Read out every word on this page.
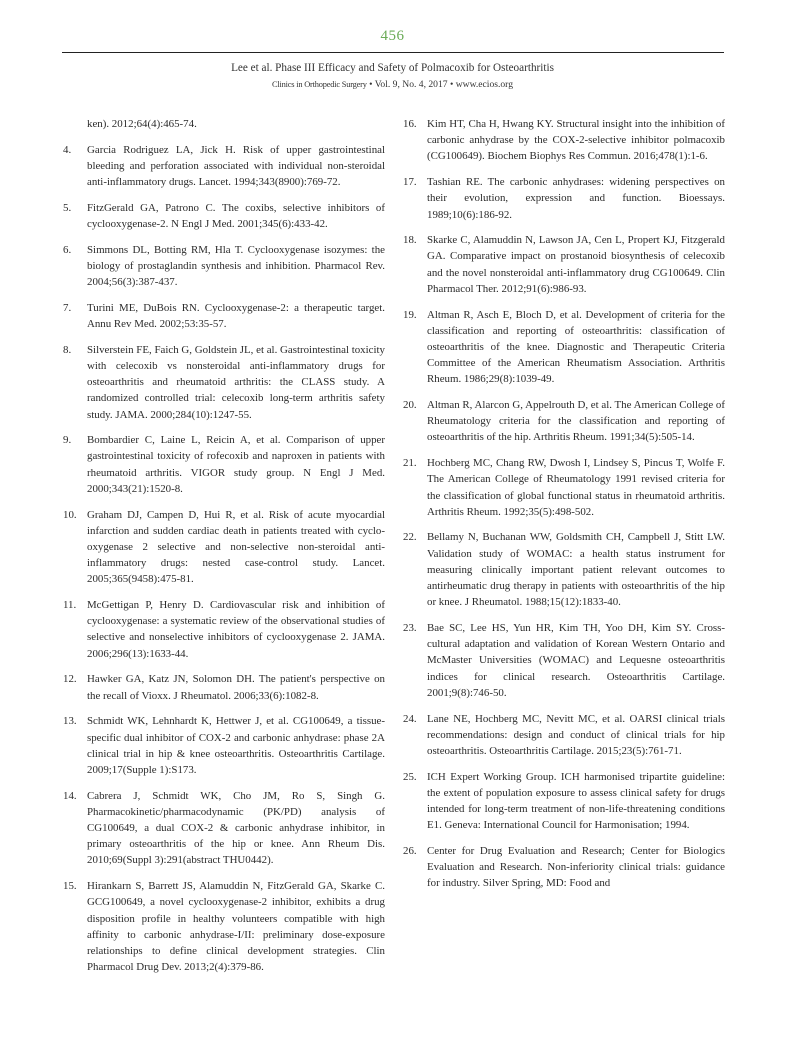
456
Lee et al. Phase III Efficacy and Safety of Polmacoxib for Osteoarthritis
Clinics in Orthopedic Surgery • Vol. 9, No. 4, 2017 • www.ecios.org
ken). 2012;64(4):465-74.
4. Garcia Rodriguez LA, Jick H. Risk of upper gastrointestinal bleeding and perforation associated with individual non-steroidal anti-inflammatory drugs. Lancet. 1994;343(8900):769-72.
5. FitzGerald GA, Patrono C. The coxibs, selective inhibitors of cyclooxygenase-2. N Engl J Med. 2001;345(6):433-42.
6. Simmons DL, Botting RM, Hla T. Cyclooxygenase isozymes: the biology of prostaglandin synthesis and inhibition. Pharmacol Rev. 2004;56(3):387-437.
7. Turini ME, DuBois RN. Cyclooxygenase-2: a therapeutic target. Annu Rev Med. 2002;53:35-57.
8. Silverstein FE, Faich G, Goldstein JL, et al. Gastrointestinal toxicity with celecoxib vs nonsteroidal anti-inflammatory drugs for osteoarthritis and rheumatoid arthritis: the CLASS study. A randomized controlled trial: celecoxib long-term arthritis safety study. JAMA. 2000;284(10):1247-55.
9. Bombardier C, Laine L, Reicin A, et al. Comparison of upper gastrointestinal toxicity of rofecoxib and naproxen in patients with rheumatoid arthritis. VIGOR study group. N Engl J Med. 2000;343(21):1520-8.
10. Graham DJ, Campen D, Hui R, et al. Risk of acute myocardial infarction and sudden cardiac death in patients treated with cyclo-oxygenase 2 selective and non-selective non-steroidal anti-inflammatory drugs: nested case-control study. Lancet. 2005;365(9458):475-81.
11. McGettigan P, Henry D. Cardiovascular risk and inhibition of cyclooxygenase: a systematic review of the observational studies of selective and nonselective inhibitors of cyclooxygenase 2. JAMA. 2006;296(13):1633-44.
12. Hawker GA, Katz JN, Solomon DH. The patient's perspective on the recall of Vioxx. J Rheumatol. 2006;33(6):1082-8.
13. Schmidt WK, Lehnhardt K, Hettwer J, et al. CG100649, a tissue-specific dual inhibitor of COX-2 and carbonic anhydrase: phase 2A clinical trial in hip & knee osteoarthritis. Osteoarthritis Cartilage. 2009;17(Supple 1):S173.
14. Cabrera J, Schmidt WK, Cho JM, Ro S, Singh G. Pharmacokinetic/pharmacodynamic (PK/PD) analysis of CG100649, a dual COX-2 & carbonic anhydrase inhibitor, in primary osteoarthritis of the hip or knee. Ann Rheum Dis. 2010;69(Suppl 3):291(abstract THU0442).
15. Hirankarn S, Barrett JS, Alamuddin N, FitzGerald GA, Skarke C. GCG100649, a novel cyclooxygenase-2 inhibitor, exhibits a drug disposition profile in healthy volunteers compatible with high affinity to carbonic anhydrase-I/II: preliminary dose-exposure relationships to define clinical development strategies. Clin Pharmacol Drug Dev. 2013;2(4):379-86.
16. Kim HT, Cha H, Hwang KY. Structural insight into the inhibition of carbonic anhydrase by the COX-2-selective inhibitor polmacoxib (CG100649). Biochem Biophys Res Commun. 2016;478(1):1-6.
17. Tashian RE. The carbonic anhydrases: widening perspectives on their evolution, expression and function. Bioessays. 1989;10(6):186-92.
18. Skarke C, Alamuddin N, Lawson JA, Cen L, Propert KJ, Fitzgerald GA. Comparative impact on prostanoid biosynthesis of celecoxib and the novel nonsteroidal anti-inflammatory drug CG100649. Clin Pharmacol Ther. 2012;91(6):986-93.
19. Altman R, Asch E, Bloch D, et al. Development of criteria for the classification and reporting of osteoarthritis: classification of osteoarthritis of the knee. Diagnostic and Therapeutic Criteria Committee of the American Rheumatism Association. Arthritis Rheum. 1986;29(8):1039-49.
20. Altman R, Alarcon G, Appelrouth D, et al. The American College of Rheumatology criteria for the classification and reporting of osteoarthritis of the hip. Arthritis Rheum. 1991;34(5):505-14.
21. Hochberg MC, Chang RW, Dwosh I, Lindsey S, Pincus T, Wolfe F. The American College of Rheumatology 1991 revised criteria for the classification of global functional status in rheumatoid arthritis. Arthritis Rheum. 1992;35(5):498-502.
22. Bellamy N, Buchanan WW, Goldsmith CH, Campbell J, Stitt LW. Validation study of WOMAC: a health status instrument for measuring clinically important patient relevant outcomes to antirheumatic drug therapy in patients with osteoarthritis of the hip or knee. J Rheumatol. 1988;15(12):1833-40.
23. Bae SC, Lee HS, Yun HR, Kim TH, Yoo DH, Kim SY. Cross-cultural adaptation and validation of Korean Western Ontario and McMaster Universities (WOMAC) and Lequesne osteoarthritis indices for clinical research. Osteoarthritis Cartilage. 2001;9(8):746-50.
24. Lane NE, Hochberg MC, Nevitt MC, et al. OARSI clinical trials recommendations: design and conduct of clinical trials for hip osteoarthritis. Osteoarthritis Cartilage. 2015;23(5):761-71.
25. ICH Expert Working Group. ICH harmonised tripartite guideline: the extent of population exposure to assess clinical safety for drugs intended for long-term treatment of non-life-threatening conditions E1. Geneva: International Council for Harmonisation; 1994.
26. Center for Drug Evaluation and Research; Center for Biologics Evaluation and Research. Non-inferiority clinical trials: guidance for industry. Silver Spring, MD: Food and
